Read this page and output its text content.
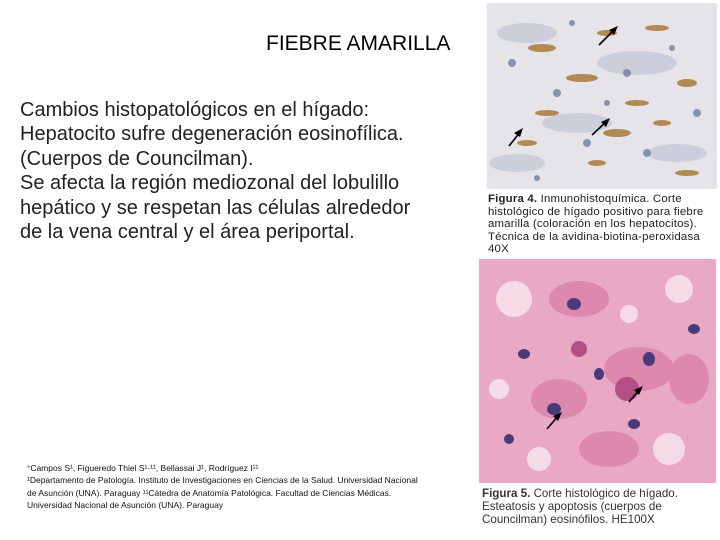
FIEBRE AMARILLA
Cambios histopatológicos en el hígado:
Hepatocito sufre degeneración eosinofílica.
(Cuerpos de Councilman).
Se afecta la región mediozonal del lobulillo
hepático y se respetan las células alrededor
de la vena central y el área periportal.
*Campos S¹, Figueredo Thiel S¹·¹¹, Bellassai J¹, Rodríguez I¹¹
¹Departamento de Patología. Instituto de Investigaciones en Ciencias de la Salud. Universidad Nacional
de Asunción (UNA). Paraguay ¹¹Cátedra de Anatomía Patológica. Facultad de Ciencias Médicas.
Universidad Nacional de Asunción (UNA). Paraguay
Figura 4. Inmunohistoquímica. Corte histológico de hígado positivo para fiebre amarilla (coloración en los hepatocitos). Técnica de la avidina-biotina-peroxidasa 40X
Figura 5. Corte histológico de hígado. Esteatosis y apoptosis (cuerpos de Councilman) eosinófilos. HE100X
